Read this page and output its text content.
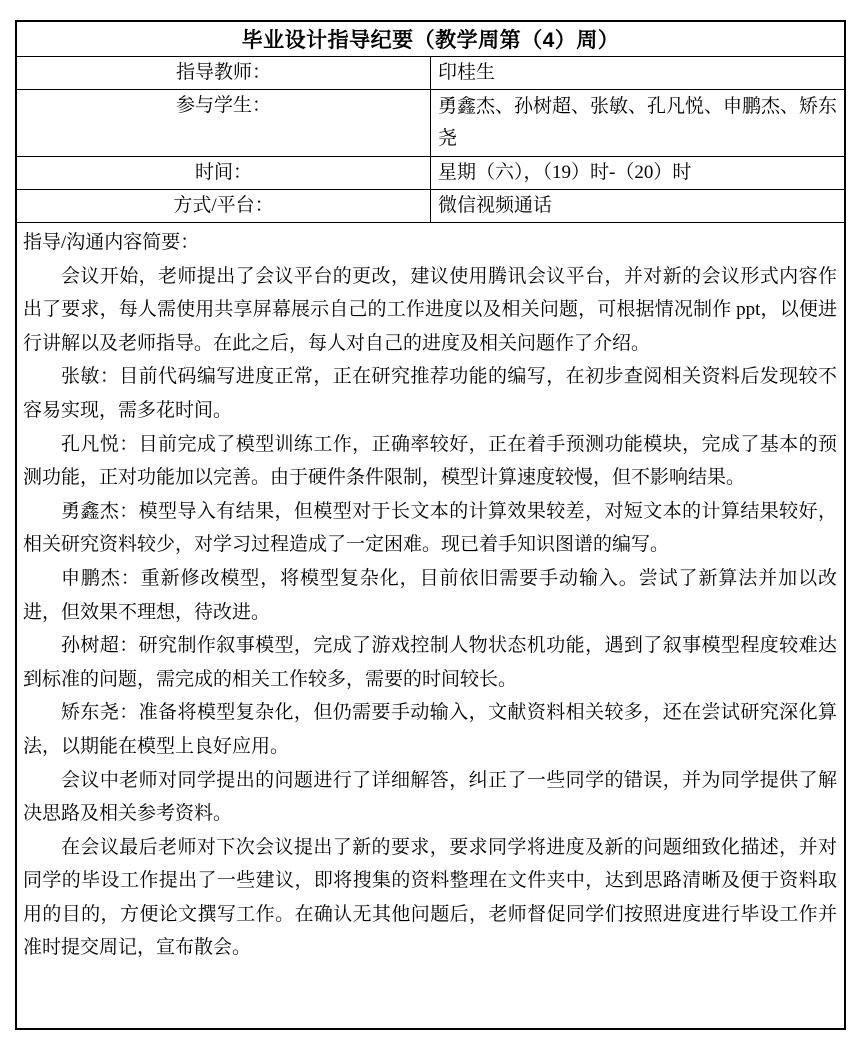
毕业设计指导纪要（教学周第（4）周）	
指导教师：	印桂生
参与学生：	勇鑫杰、孙树超、张敏、孔凡悦、申鹏杰、矫东尧
时间：	星期（六），（19）时-（20）时
方式/平台：	微信视频通话

指导/沟通内容简要：

会议开始，老师提出了会议平台的更改，建议使用腾讯会议平台，并对新的会议形式内容作出了要求，每人需使用共享屏幕展示自己的工作进度以及相关问题，可根据情况制作 ppt，以便进行讲解以及老师指导。在此之后，每人对自己的进度及相关问题作了介绍。

张敏：目前代码编写进度正常，正在研究推荐功能的编写，在初步查阅相关资料后发现较不容易实现，需多花时间。

孔凡悦：目前完成了模型训练工作，正确率较好，正在着手预测功能模块，完成了基本的预测功能，正对功能加以完善。由于硬件条件限制，模型计算速度较慢，但不影响结果。

勇鑫杰：模型导入有结果，但模型对于长文本的计算效果较差，对短文本的计算结果较好，相关研究资料较少，对学习过程造成了一定困难。现已着手知识图谱的编写。

申鹏杰：重新修改模型，将模型复杂化，目前依旧需要手动输入。尝试了新算法并加以改进，但效果不理想，待改进。

孙树超：研究制作叙事模型，完成了游戏控制人物状态机功能，遇到了叙事模型程度较难达到标准的问题，需完成的相关工作较多，需要的时间较长。

矫东尧：准备将模型复杂化，但仍需要手动输入，文献资料相关较多，还在尝试研究深化算法，以期能在模型上良好应用。

会议中老师对同学提出的问题进行了详细解答，纠正了一些同学的错误，并为同学提供了解决思路及相关参考资料。

在会议最后老师对下次会议提出了新的要求，要求同学将进度及新的问题细致化描述，并对同学的毕设工作提出了一些建议，即将搜集的资料整理在文件夹中，达到思路清晰及便于资料取用的目的，方便论文撰写工作。在确认无其他问题后，老师督促同学们按照进度进行毕设工作并准时提交周记，宣布散会。
